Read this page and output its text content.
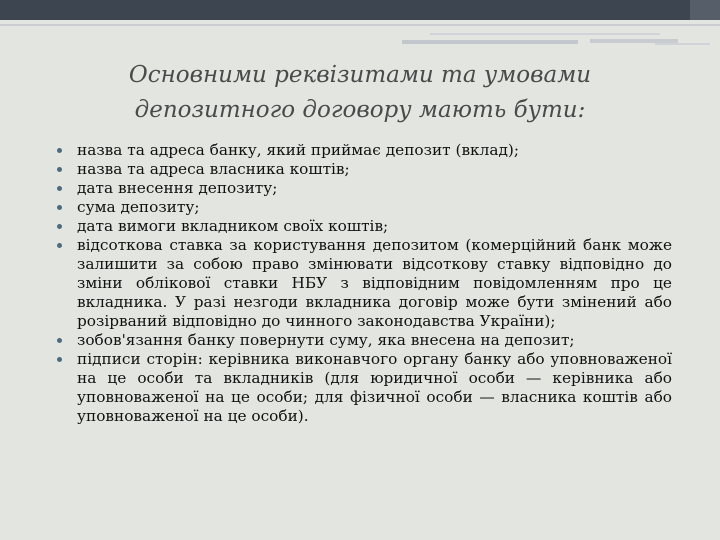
Основними реквізитами та умовами
депозитного договору мають бути:
назва та адреса банку, який приймає депозит (вклад);
назва та адреса власника коштів;
дата внесення депозиту;
сума депозиту;
дата вимоги вкладником своїх коштів;
відсоткова ставка за користування депозитом (комерційний банк може залишити за собою право змінювати відсоткову ставку відповідно до зміни облікової ставки НБУ з відповідним повідомленням про це вкладника. У разі незгоди вкладника договір може бути змінений або розірваний відповідно до чинного законодавства України);
зобов'язання банку повернути суму, яка внесена на депозит;
підписи сторін: керівника виконавчого органу банку або уповноваженої на це особи та вкладників (для юридичної особи — керівника або уповноваженої на це особи; для фізичної особи — власника коштів або уповноваженої на це особи).
